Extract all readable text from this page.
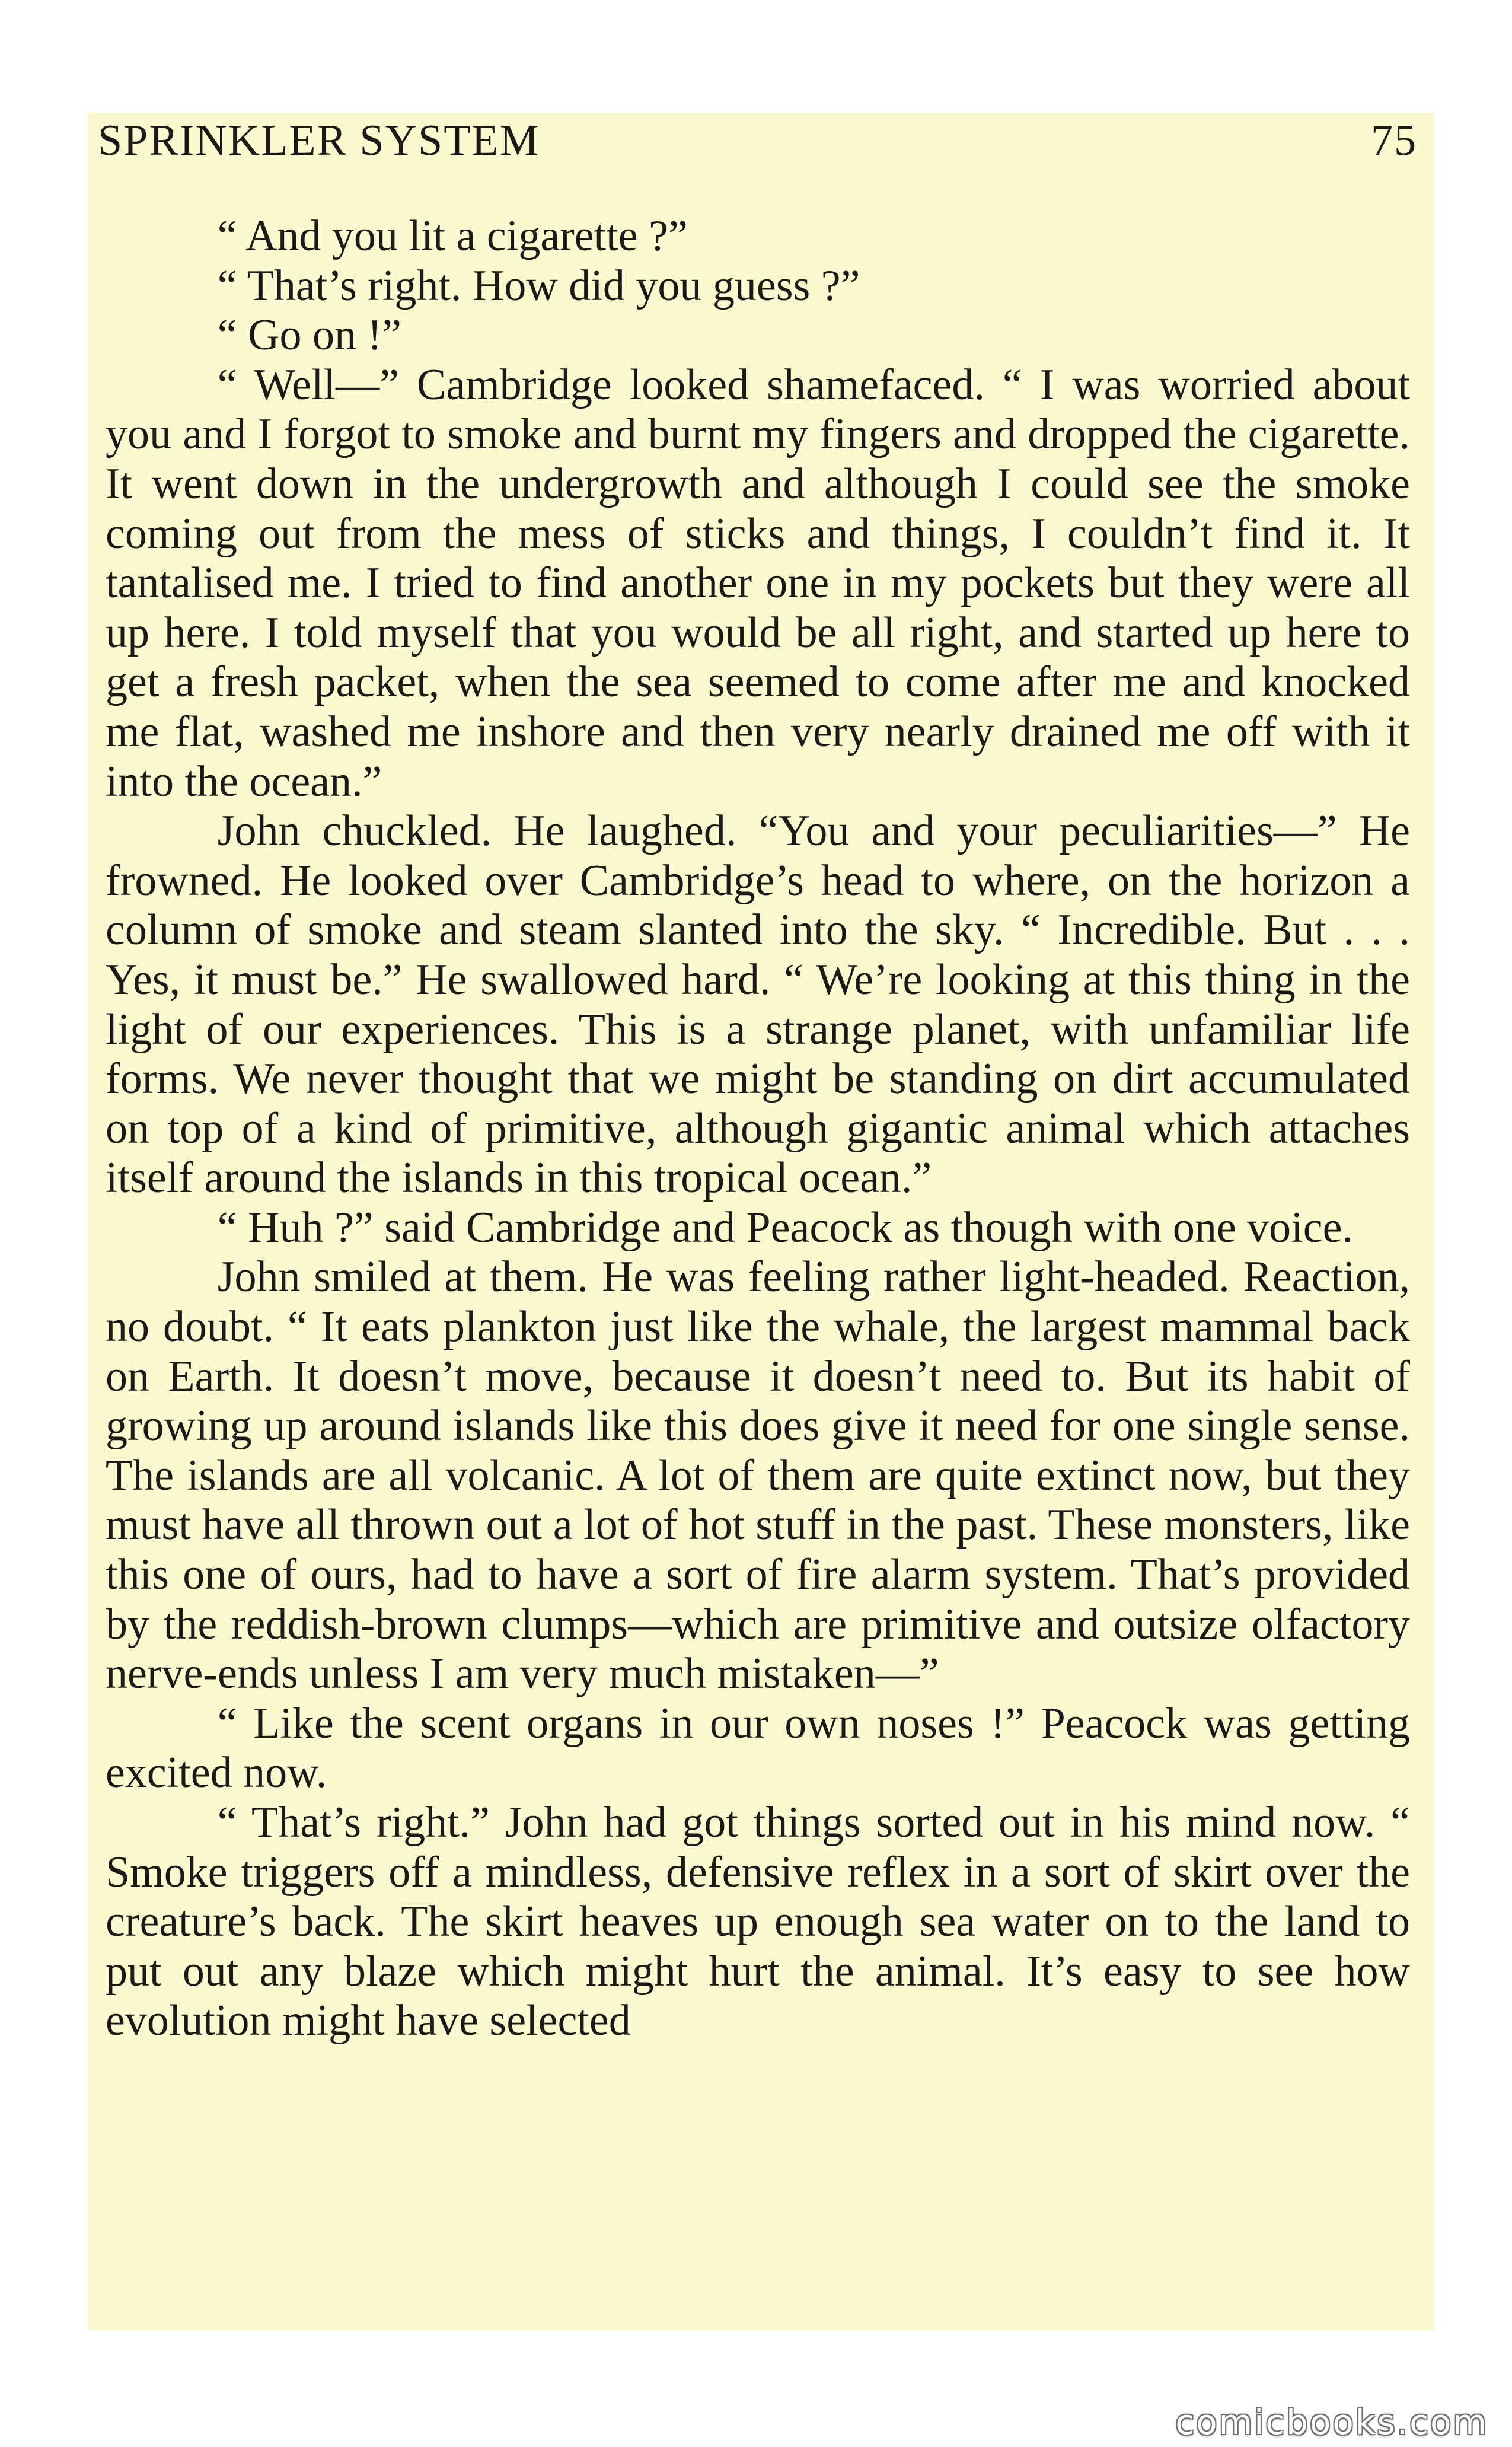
SPRINKLER SYSTEM	75

“ And you lit a cigarette ?”

“ That’s right. How did you guess ?”

“ Go on !”

“ Well—” Cambridge looked shamefaced. “ I was worried about you and I forgot to smoke and burnt my fingers and dropped the cigarette. It went down in the undergrowth and although I could see the smoke coming out from the mess of sticks and things, I couldn’t find it. It tantalised me. I tried to find another one in my pockets but they were all up here. I told myself that you would be all right, and started up here to get a fresh packet, when the sea seemed to come after me and knocked me flat, washed me inshore and then very nearly drained me off with it into the ocean.”

John chuckled. He laughed. “You and your peculiarities—” He frowned. He looked over Cambridge’s head to where, on the horizon a column of smoke and steam slanted into the sky. “ Incredible. But . . . Yes, it must be.” He swallowed hard. “ We’re looking at this thing in the light of our experiences. This is a strange planet, with unfamiliar life forms. We never thought that we might be standing on dirt accumulated on top of a kind of primitive, although gigantic animal which attaches itself around the islands in this tropical ocean.”

“ Huh ?” said Cambridge and Peacock as though with one voice.

John smiled at them. He was feeling rather light-headed. Reaction, no doubt. “ It eats plankton just like the whale, the largest mammal back on Earth. It doesn’t move, because it doesn’t need to. But its habit of growing up around islands like this does give it need for one single sense. The islands are all volcanic. A lot of them are quite extinct now, but they must have all thrown out a lot of hot stuff in the past. These monsters, like this one of ours, had to have a sort of fire alarm system. That’s provided by the reddish-brown clumps—which are primitive and outsize olfactory nerve-ends unless I am very much mistaken—”

“ Like the scent organs in our own noses !” Peacock was getting excited now.

“ That’s right.” John had got things sorted out in his mind now. “ Smoke triggers off a mindless, defensive reflex in a sort of skirt over the creature’s back. The skirt heaves up enough sea water on to the land to put out any blaze which might hurt the animal. It’s easy to see how evolution might have selected

comicbooks.com
